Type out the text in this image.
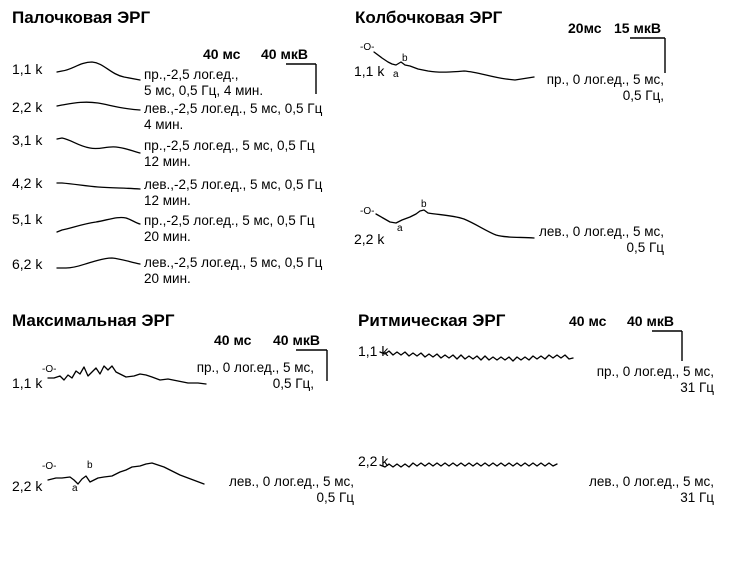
Палочковая ЭРГ
40 мс 40 мкВ
1,1 k
2,2 k
3,1 k
4,2 k
5,1 k
6,2 k
пр.,-2,5 лог.ед.,
5 мс, 0,5 Гц, 4 мин.
лев.,-2,5 лог.ед., 5 мс, 0,5 Гц
4 мин.
пр.,-2,5 лог.ед., 5 мс, 0,5 Гц
12 мин.
лев.,-2,5 лог.ед., 5 мс, 0,5 Гц
12 мин.
пр.,-2,5 лог.ед., 5 мс, 0,5 Гц
20 мин.
лев.,-2,5 лог.ед., 5 мс, 0,5 Гц
20 мин.
Колбочковая ЭРГ
20мс 15 мкВ
1,1 k
2,2 k
-O-
a
b
-O-
a
b
пр., 0 лог.ед., 5 мс,
0,5 Гц,
лев., 0 лог.ед., 5 мс,
0,5 Гц
Максимальная ЭРГ
40 мс 40 мкВ
1,1 k
2,2 k
-O-
-O-
a
b
пр., 0 лог.ед., 5 мс,
0,5 Гц,
лев., 0 лог.ед., 5 мс,
0,5 Гц
Ритмическая ЭРГ	40 мс 40 мкВ
1,1 k
2,2 k
пр., 0 лог.ед., 5 мс,
31 Гц
лев., 0 лог.ед., 5 мс,
31 Гц
